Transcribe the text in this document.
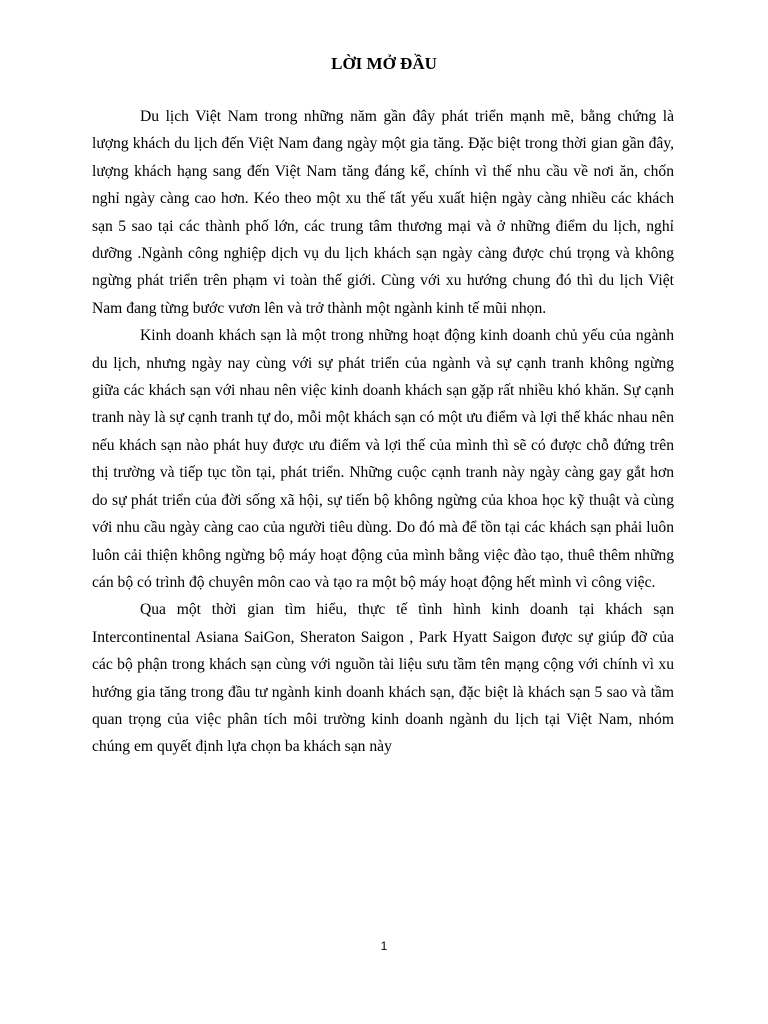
LỜI MỞ ĐẦU

Du lịch Việt Nam trong những năm gần đây phát triển mạnh mẽ, bằng chứng là lượng khách du lịch đến Việt Nam đang ngày một gia tăng. Đặc biệt trong thời gian gần đây, lượng khách hạng sang đến Việt Nam tăng đáng kể, chính vì thế nhu cầu về nơi ăn, chốn nghỉ ngày càng cao hơn. Kéo theo một xu thế tất yếu xuất hiện ngày càng nhiều các khách sạn 5 sao tại các thành phố lớn, các trung tâm thương mại và ở những điểm du lịch, nghỉ dưỡng .Ngành công nghiệp dịch vụ du lịch khách sạn ngày càng được chú trọng và không ngừng phát triển trên phạm vi toàn thế giới. Cùng với xu hướng chung đó thì du lịch Việt Nam đang từng bước vươn lên và trở thành một ngành kinh tế mũi nhọn.

Kinh doanh khách sạn là một trong những hoạt động kinh doanh chủ yếu của ngành du lịch, nhưng ngày nay cùng với sự phát triển của ngành và sự cạnh tranh không ngừng giữa các khách sạn với nhau nên việc kinh doanh khách sạn gặp rất nhiều khó khăn. Sự cạnh tranh này là sự cạnh tranh tự do, mỗi một khách sạn có một ưu điểm và lợi thế khác nhau nên nếu khách sạn nào phát huy được ưu điểm và lợi thế của mình thì sẽ có được chỗ đứng trên thị trường và tiếp tục tồn tại, phát triển. Những cuộc cạnh tranh này ngày càng gay gắt hơn do sự phát triển của đời sống xã hội, sự tiến bộ không ngừng của khoa học kỹ thuật và cùng với nhu cầu ngày càng cao của người tiêu dùng. Do đó mà để tồn tại các khách sạn phải luôn luôn cải thiện không ngừng bộ máy hoạt động của mình bằng việc đào tạo, thuê thêm những cán bộ có trình độ chuyên môn cao và tạo ra một bộ máy hoạt động hết mình vì công việc.

Qua một thời gian tìm hiểu, thực tế tình hình kinh doanh tại khách sạn Intercontinental Asiana SaiGon, Sheraton Saigon , Park Hyatt Saigon được sự giúp đỡ của các bộ phận trong khách sạn cùng với nguồn tài liệu sưu tầm tên mạng cộng với chính vì xu hướng gia tăng trong đầu tư ngành kinh doanh khách sạn, đặc biệt là khách sạn 5 sao và tầm quan trọng của việc phân tích môi trường kinh doanh ngành du lịch tại Việt Nam, nhóm chúng em quyết định lựa chọn ba khách sạn này

1
